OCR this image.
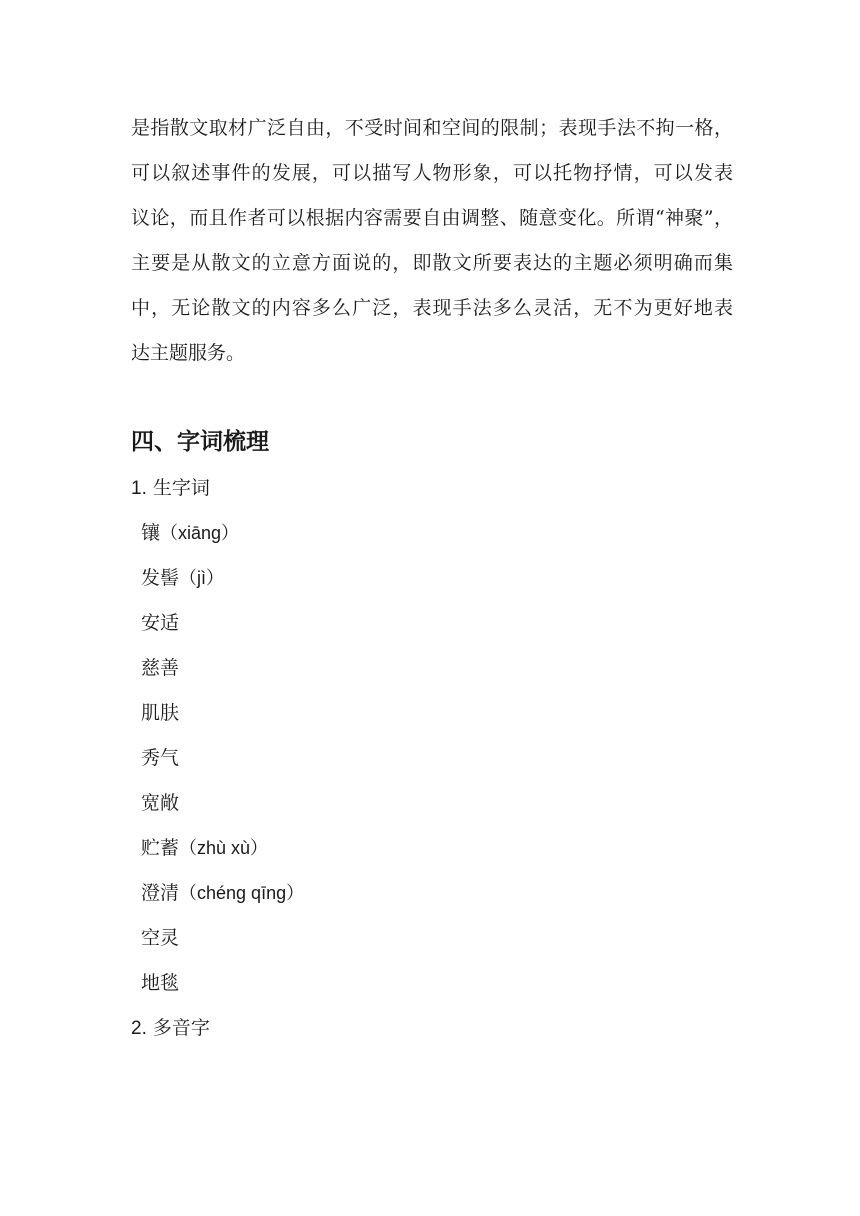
是指散文取材广泛自由，不受时间和空间的限制；表现手法不拘一格，
可以叙述事件的发展，可以描写人物形象，可以托物抒情，可以发表
议论，而且作者可以根据内容需要自由调整、随意变化。所谓“神聚”，
主要是从散文的立意方面说的，即散文所要表达的主题必须明确而集
中，无论散文的内容多么广泛，表现手法多么灵活，无不为更好地表
达主题服务。
四、字词梳理

1. 生字词

镶（xiāng）
发髻（jì）
安适
慈善
肌肤
秀气
宽敞
贮蓄（zhù xù）
澄清（chéng qīng）
空灵
地毯

2. 多音字
